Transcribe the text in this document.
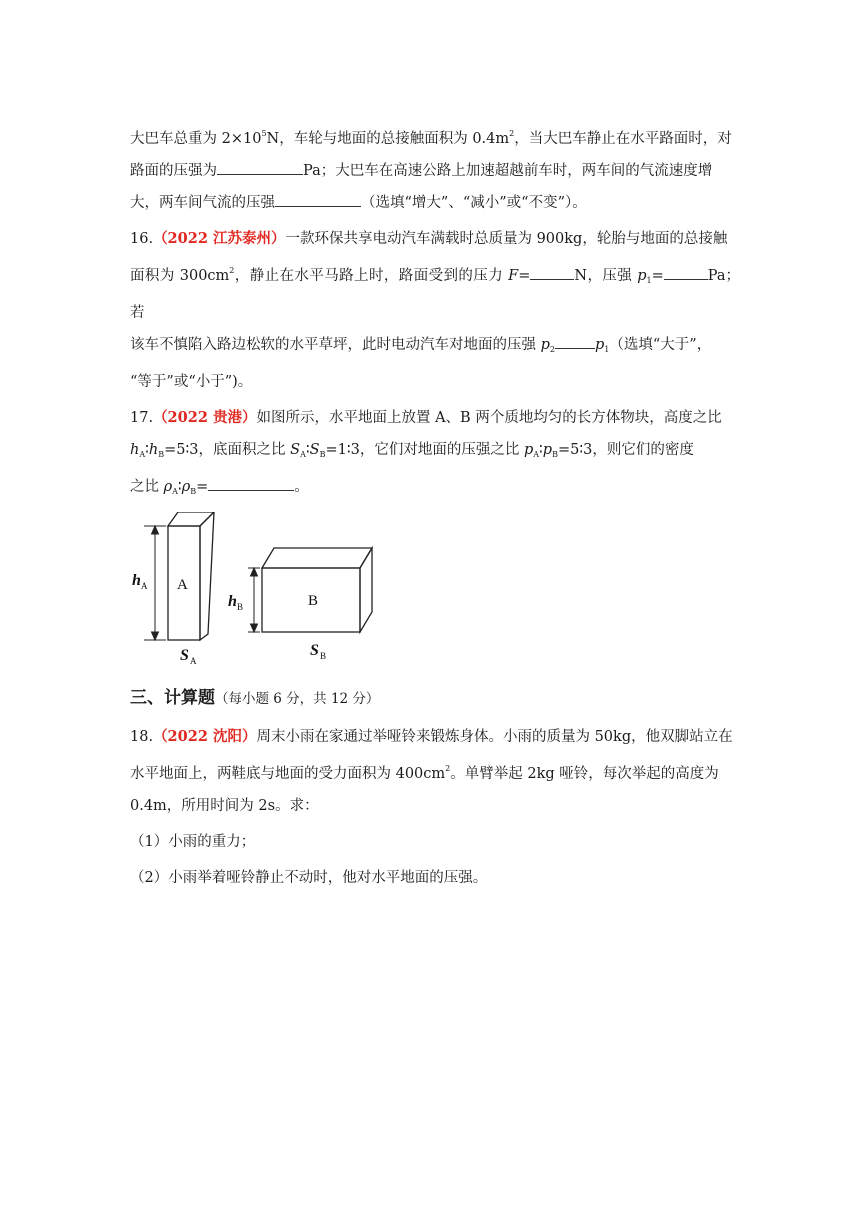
大巴车总重为 $2\times 10^5N$，车轮与地面的总接触面积为 $0.4m^2$，当大巴车静止在水平路面时，对
路面的压强为	Pa；大巴车在高速公路上加速超越前车时，两车间的气流速度增
大，两车间气流的压强	（选填“增大”、“减小”或“不变”）。

16.（2022 江苏泰州）一款环保共享电动汽车满载时总质量为 900kg，轮胎与地面的总接触
面积为 $300cm^2$，静止在水平马路上时，路面受到的压力 F=	N，压强 $p_1=$	Pa；若
该车不慎陷入路边松软的水平草坪，此时电动汽车对地面的压强 $p_2$	$p_1$（选填“大于”，
“等于”或“小于”)。

17.（2022 贵港）如图所示，水平地面上放置 A、B 两个质地均匀的长方体物块，高度之比
$h_A∶h_B=5∶3$，底面积之比 $S_A∶S_B=1∶3$，它们对地面的压强之比 $p_A∶p_B=5∶3$，则它们的密度
之比 $\rho_A∶\rho_B=$	。

A
B
h A
h B
S A
S B
三、计算题（每小题 6 分，共 12 分）

18.（2022 沈阳）周末小雨在家通过举哑铃来锻炼身体。小雨的质量为 50kg，他双脚站立在
水平地面上，两鞋底与地面的受力面积为 $400cm^2$。单臂举起 2kg 哑铃，每次举起的高度为
0.4m，所用时间为 2s。求：

（1）小雨的重力；

（2）小雨举着哑铃静止不动时，他对水平地面的压强。
